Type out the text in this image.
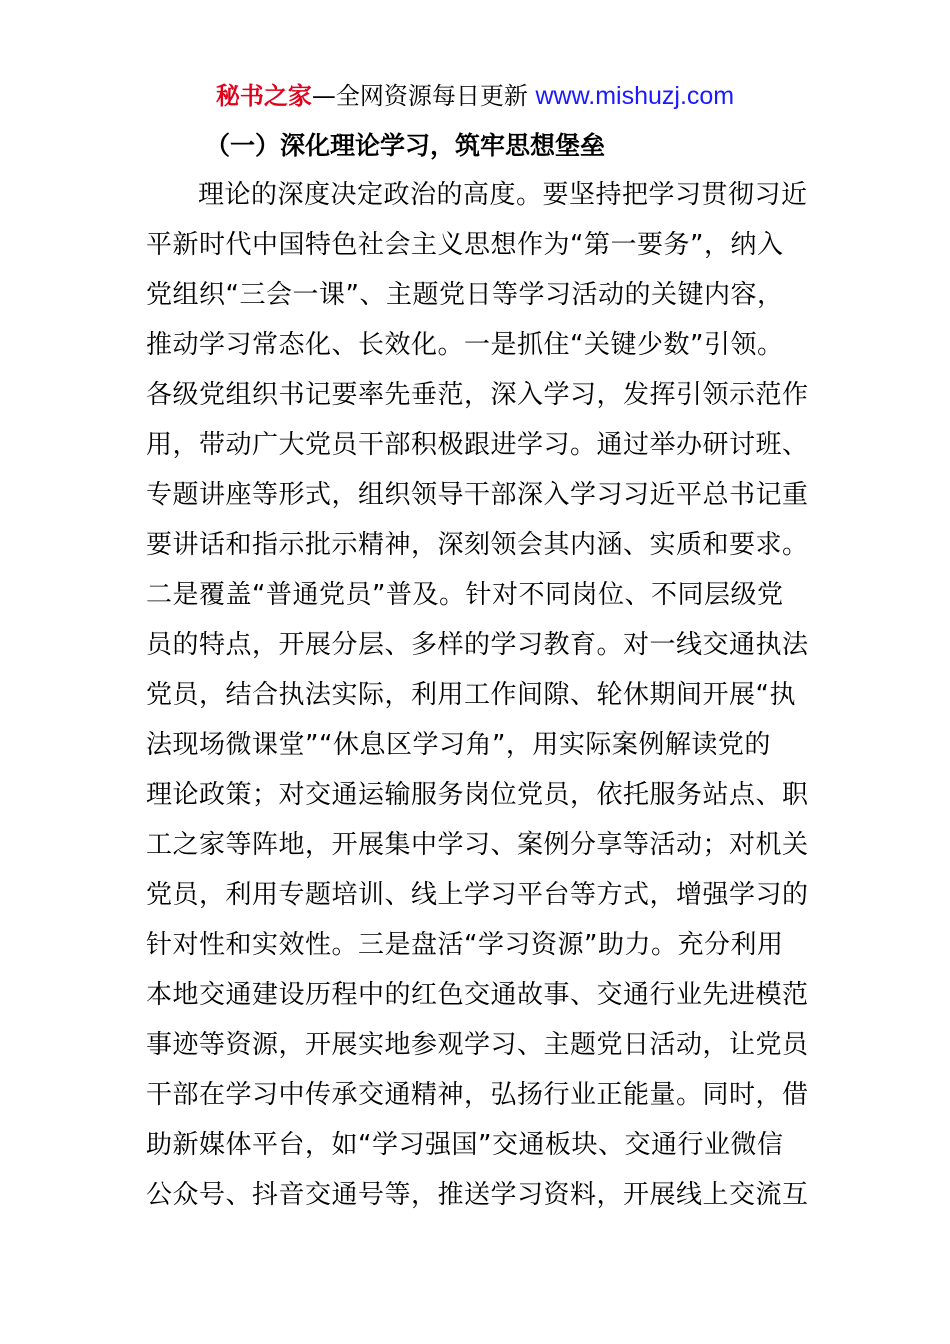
秘书之家—全网资源每日更新 www.mishuzj.com
（一）深化理论学习，筑牢思想堡垒
理论的深度决定政治的高度。要坚持把学习贯彻习近
平新时代中国特色社会主义思想作为“第一要务”，纳入
党组织“三会一课”、主题党日等学习活动的关键内容，
推动学习常态化、长效化。一是抓住“关键少数”引领。
各级党组织书记要率先垂范，深入学习，发挥引领示范作
用，带动广大党员干部积极跟进学习。通过举办研讨班、
专题讲座等形式，组织领导干部深入学习习近平总书记重
要讲话和指示批示精神，深刻领会其内涵、实质和要求。
二是覆盖“普通党员”普及。针对不同岗位、不同层级党
员的特点，开展分层、多样的学习教育。对一线交通执法
党员，结合执法实际，利用工作间隙、轮休期间开展“执
法现场微课堂”“休息区学习角”，用实际案例解读党的
理论政策；对交通运输服务岗位党员，依托服务站点、职
工之家等阵地，开展集中学习、案例分享等活动；对机关
党员，利用专题培训、线上学习平台等方式，增强学习的
针对性和实效性。三是盘活“学习资源”助力。充分利用
本地交通建设历程中的红色交通故事、交通行业先进模范
事迹等资源，开展实地参观学习、主题党日活动，让党员
干部在学习中传承交通精神，弘扬行业正能量。同时，借
助新媒体平台，如“学习强国”交通板块、交通行业微信
公众号、抖音交通号等，推送学习资料，开展线上交流互
